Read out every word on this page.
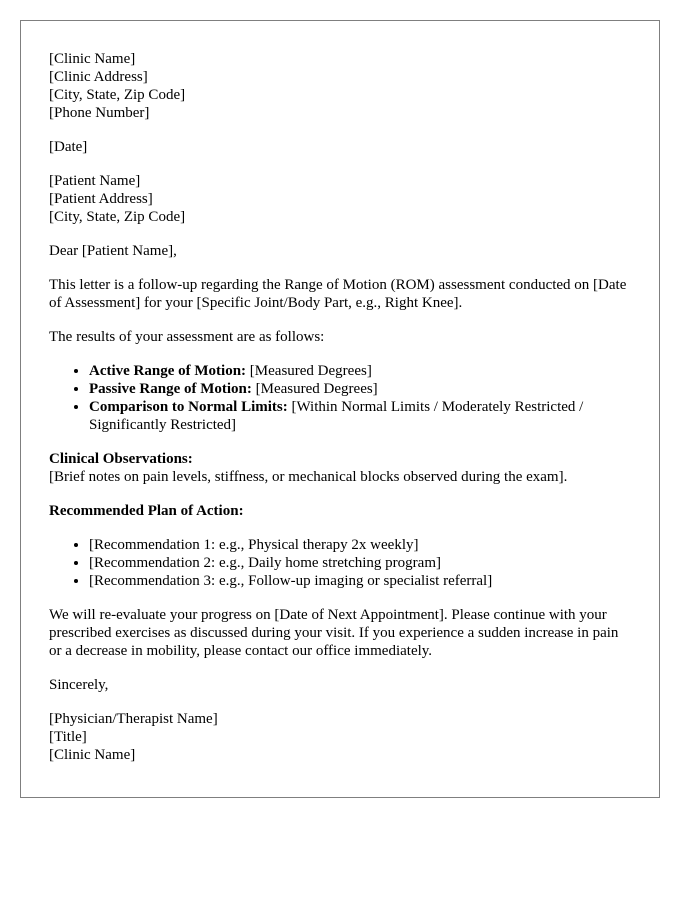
[Clinic Name]
[Clinic Address]
[City, State, Zip Code]
[Phone Number]
[Date]
[Patient Name]
[Patient Address]
[City, State, Zip Code]

Dear [Patient Name],

This letter is a follow-up regarding the Range of Motion (ROM) assessment conducted on [Date of Assessment] for your [Specific Joint/Body Part, e.g., Right Knee].

The results of your assessment are as follows:

• Active Range of Motion: [Measured Degrees]
• Passive Range of Motion: [Measured Degrees]
• Comparison to Normal Limits: [Within Normal Limits / Moderately Restricted / Significantly Restricted]
Clinical Observations:
[Brief notes on pain levels, stiffness, or mechanical blocks observed during the exam].
Recommended Plan of Action:
• [Recommendation 1: e.g., Physical therapy 2x weekly]
• [Recommendation 2: e.g., Daily home stretching program]
• [Recommendation 3: e.g., Follow-up imaging or specialist referral]

We will re-evaluate your progress on [Date of Next Appointment]. Please continue with your prescribed exercises as discussed during your visit. If you experience a sudden increase in pain or a decrease in mobility, please contact our office immediately.

Sincerely,

[Physician/Therapist Name]
[Title]
[Clinic Name]
